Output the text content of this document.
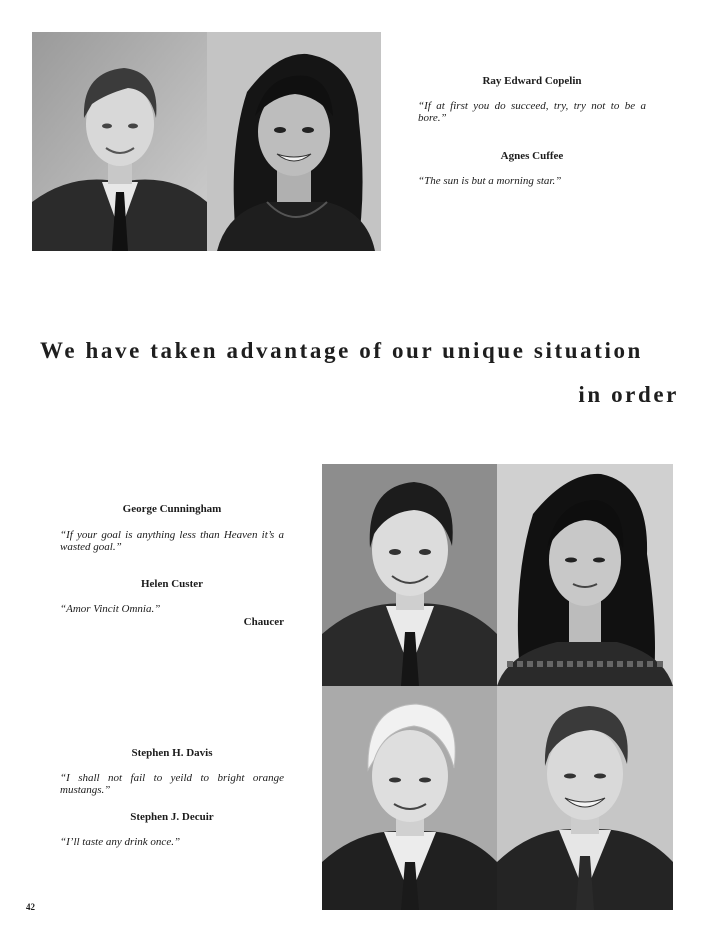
Ray Edward Copelin
“If at first you do succeed, try, try not to be a bore.”
Agnes Cuffee
“The sun is but a morning star.”
We have taken advantage of our unique situation
in order
George Cunningham
“If your goal is anything less than Heaven it’s a wasted goal.”
Helen Custer
“Amor Vincit Omnia.”
Chaucer
Stephen H. Davis
“I shall not fail to yeild to bright orange mustangs.”
Stephen J. Decuir
“I’ll taste any drink once.”
42
